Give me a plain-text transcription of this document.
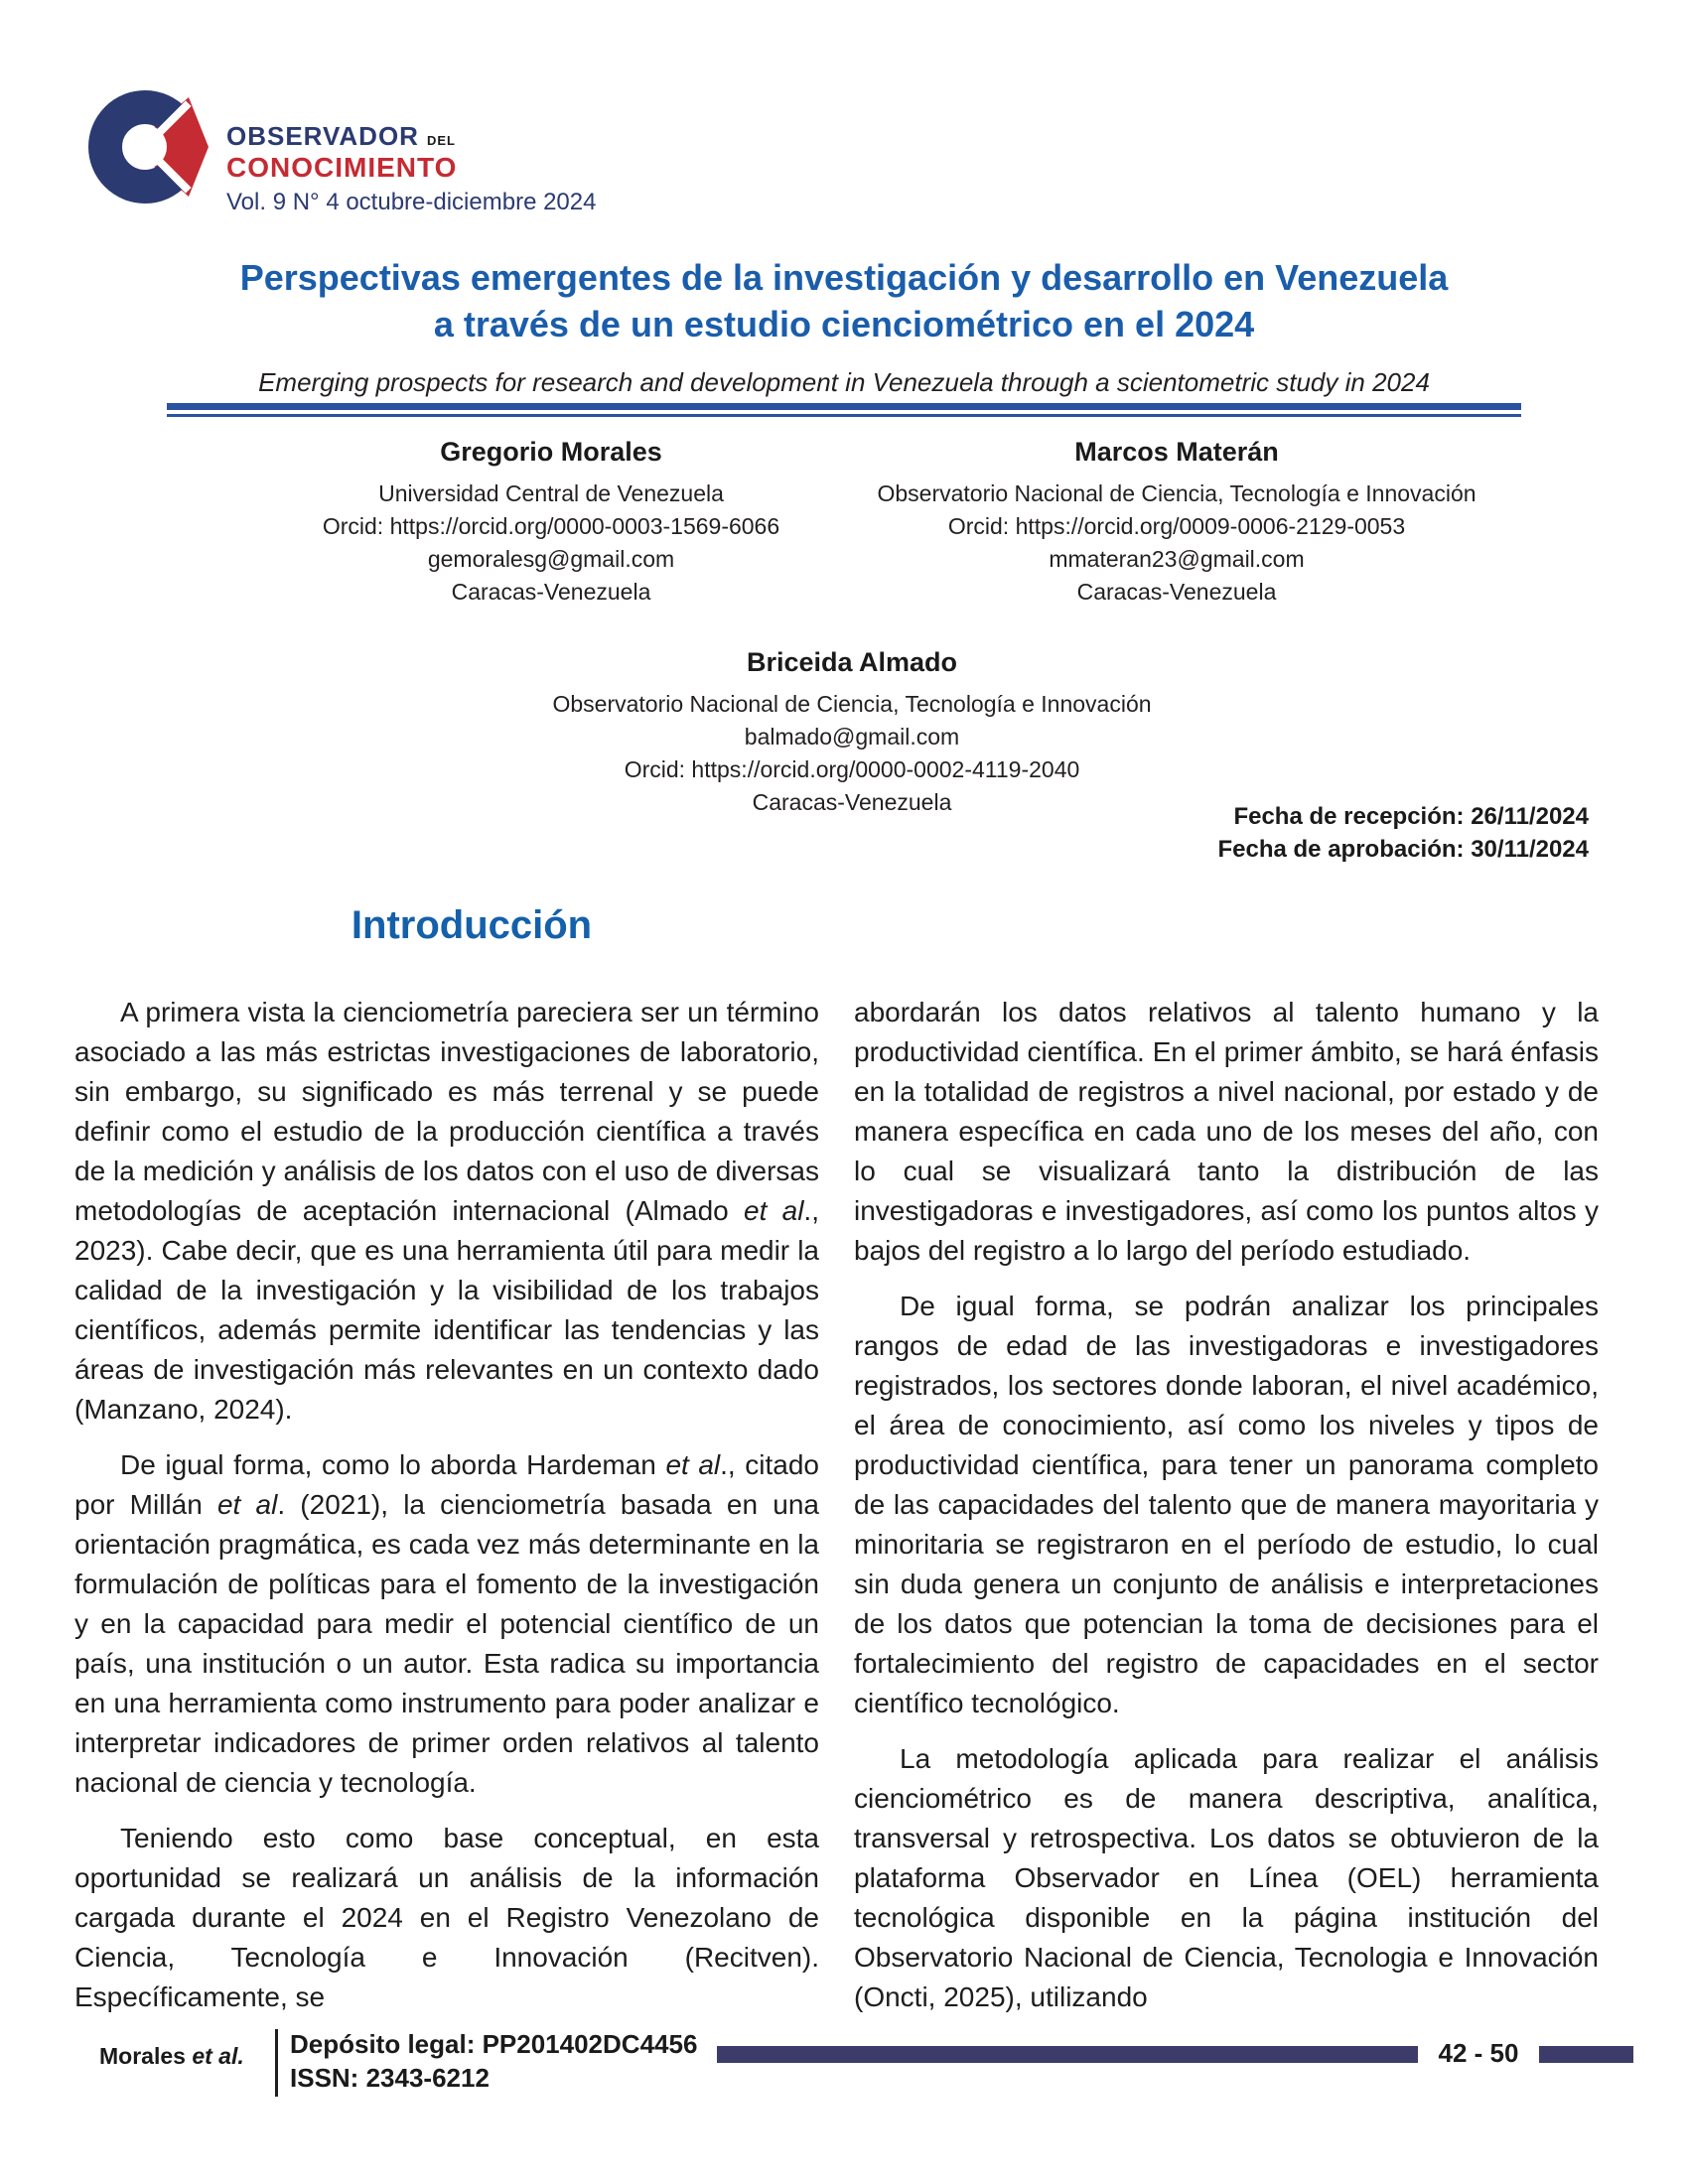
OBSERVADOR DEL
CONOCIMIENTO
Vol. 9 N° 4 octubre-diciembre 2024
Perspectivas emergentes de la investigación y desarrollo en Venezuela
a través de un estudio cienciométrico en el 2024
Emerging prospects for research and development in Venezuela through a scientometric study in 2024
Gregorio Morales
Universidad Central de Venezuela
Orcid: https://orcid.org/0000-0003-1569-6066
gemoralesg@gmail.com
Caracas-Venezuela
Marcos Materán
Observatorio Nacional de Ciencia, Tecnología e Innovación
Orcid: https://orcid.org/0009-0006-2129-0053
mmateran23@gmail.com
Caracas-Venezuela
Briceida Almado
Observatorio Nacional de Ciencia, Tecnología e Innovación
balmado@gmail.com
Orcid: https://orcid.org/0000-0002-4119-2040
Caracas-Venezuela
Fecha de recepción: 26/11/2024
Fecha de aprobación: 30/11/2024
Introducción

A primera vista la cienciometría pareciera ser un término asociado a las más estrictas investigaciones de laboratorio, sin embargo, su significado es más terrenal y se puede definir como el estudio de la producción científica a través de la medición y análisis de los datos con el uso de diversas metodologías de aceptación internacional (Almado et al., 2023). Cabe decir, que es una herramienta útil para medir la calidad de la investigación y la visibilidad de los trabajos científicos, además permite identificar las tendencias y las áreas de investigación más relevantes en un contexto dado (Manzano, 2024).

De igual forma, como lo aborda Hardeman et al., citado por Millán et al. (2021), la cienciometría basada en una orientación pragmática, es cada vez más determinante en la formulación de políticas para el fomento de la investigación y en la capacidad para medir el potencial científico de un país, una institución o un autor. Esta radica su importancia en una herramienta como instrumento para poder analizar e interpretar indicadores de primer orden relativos al talento nacional de ciencia y tecnología.

Teniendo esto como base conceptual, en esta oportunidad se realizará un análisis de la información cargada durante el 2024 en el Registro Venezolano de Ciencia, Tecnología e Innovación (Recitven). Específicamente, se

abordarán los datos relativos al talento humano y la productividad científica. En el primer ámbito, se hará énfasis en la totalidad de registros a nivel nacional, por estado y de manera específica en cada uno de los meses del año, con lo cual se visualizará tanto la distribución de las investigadoras e investigadores, así como los puntos altos y bajos del registro a lo largo del período estudiado.

De igual forma, se podrán analizar los principales rangos de edad de las investigadoras e investigadores registrados, los sectores donde laboran, el nivel académico, el área de conocimiento, así como los niveles y tipos de productividad científica, para tener un panorama completo de las capacidades del talento que de manera mayoritaria y minoritaria se registraron en el período de estudio, lo cual sin duda genera un conjunto de análisis e interpretaciones de los datos que potencian la toma de decisiones para el fortalecimiento del registro de capacidades en el sector científico tecnológico.

La metodología aplicada para realizar el análisis cienciométrico es de manera descriptiva, analítica, transversal y retrospectiva. Los datos se obtuvieron de la plataforma Observador en Línea (OEL) herramienta tecnológica disponible en la página institución del Observatorio Nacional de Ciencia, Tecnologia e Innovación (Oncti, 2025), utilizando

Morales et al. Depósito legal: PP201402DC4456
ISSN: 2343-6212
42 - 50
